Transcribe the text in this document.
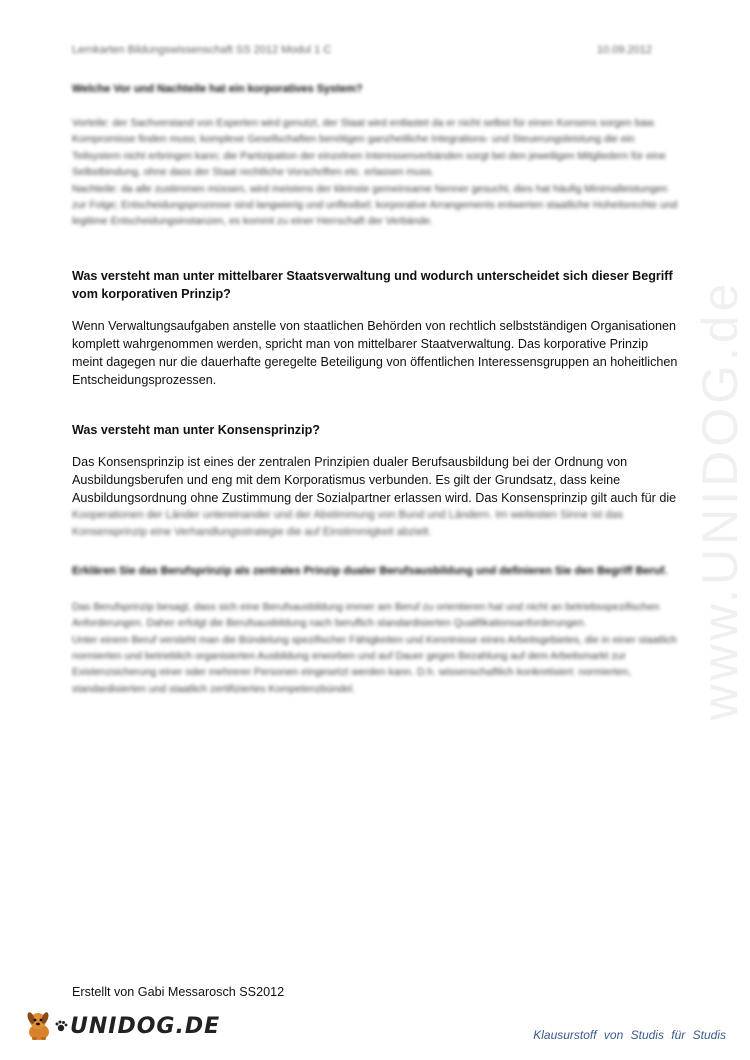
www.UNIDOG.de
Lernkarten Bildungswissenschaft SS 2012 Modul 1 C	10.09.2012

Welche Vor und Nachteile hat ein korporatives System?

Vorteile: der Sachverstand von Experten wird genutzt, der Staat wird entlastet da er nicht selbst für einen Konsens sorgen baw. Kompromisse finden muss; komplexe Gesellschaften benötigen ganzheitliche Integrations- und Steuerungsleistung die ein Teilsystem nicht erbringen kann; die Partizipation der einzelnen Interessenverbänden sorgt bei den jeweiligen Mitgliedern für eine Selbstbindung, ohne dass der Staat rechtliche Vorschriften etc. erlassen muss.

Nachteile: da alle zustimmen müssen, wird meistens der kleinste gemeinsame Nenner gesucht, dies hat häufig Minimalleistungen zur Folge; Entscheidungsprozesse sind langwierig und unflexibel; korporative Arrangements entwerten staatliche Hoheitsrechte und legitime Entscheidungsinstanzen, es kommt zu einer Herrschaft der Verbände.

Was versteht man unter mittelbarer Staatsverwaltung und wodurch unterscheidet sich dieser Begriff vom korporativen Prinzip?

Wenn Verwaltungsaufgaben anstelle von staatlichen Behörden von rechtlich selbstständigen Organisationen komplett wahrgenommen werden, spricht man von mittelbarer Staatverwaltung. Das korporative Prinzip meint dagegen nur die dauerhafte geregelte Beteiligung von öffentlichen Interessensgruppen an hoheitlichen Entscheidungsprozessen.

Was versteht man unter Konsensprinzip?

Das Konsensprinzip ist eines der zentralen Prinzipien dualer Berufsausbildung bei der Ordnung von Ausbildungsberufen und eng mit dem Korporatismus verbunden. Es gilt der Grundsatz, dass keine Ausbildungsordnung ohne Zustimmung der Sozialpartner erlassen wird. Das Konsensprinzip gilt auch für die

Kooperationen der Länder untereinander und der Abstimmung von Bund und Ländern. Im weitesten Sinne ist das Konsensprinzip eine Verhandlungsstrategie die auf Einstimmigkeit abzielt.

Erklären Sie das Berufsprinzip als zentrales Prinzip dualer Berufsausbildung und definieren Sie den Begriff Beruf.

Das Berufsprinzip besagt, dass sich eine Berufsausbildung immer am Beruf zu orientieren hat und nicht an betriebsspezifischen Anforderungen. Daher erfolgt die Berufsausbildung nach beruflich standardisierten Qualifikationsanforderungen.

Unter einem Beruf versteht man die Bündelung spezifischer Fähigkeiten und Kenntnisse eines Arbeitsgebietes, die in einer staatlich normierten und betrieblich organisierten Ausbildung erworben und auf Dauer gegen Bezahlung auf dem Arbeitsmarkt zur Existenzsicherung einer oder mehrerer Personen eingesetzt werden kann. D.h. wissenschaftlich konkretisiert: normierten, standardisierten und staatlich zertifiziertes Kompetenzbündel.

Erstellt von Gabi Messarosch SS2012
UNIDOG.DE	Klausurstoff von Studis für Studis
